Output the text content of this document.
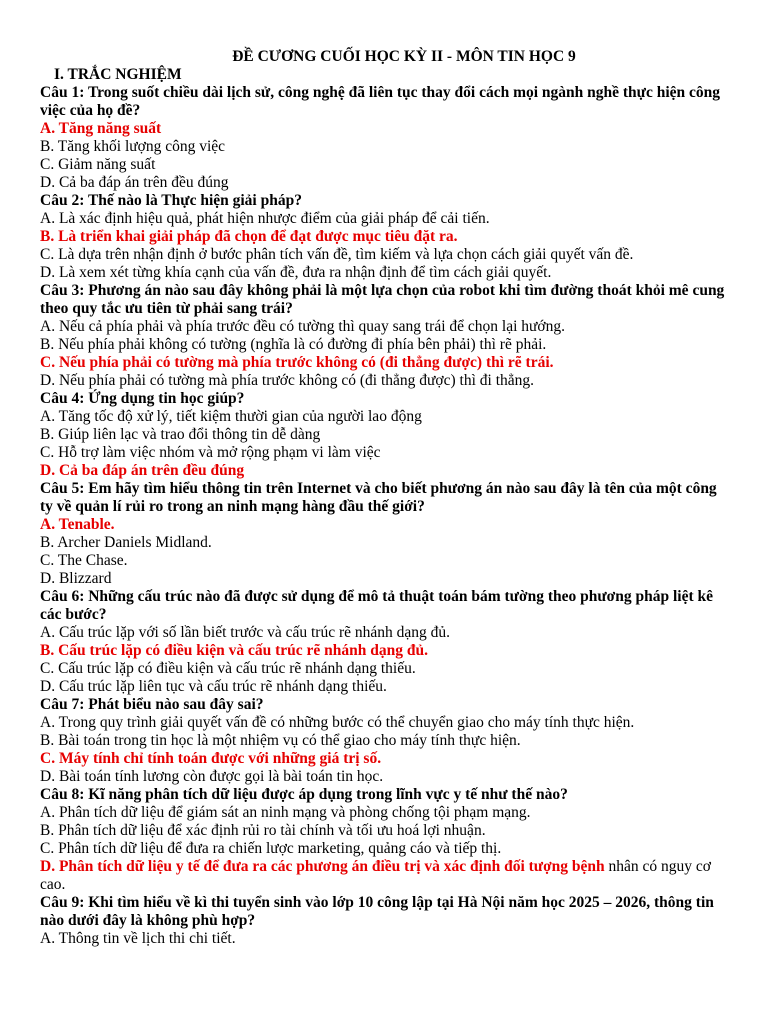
ĐỀ CƯƠNG CUỐI HỌC KỲ II - MÔN TIN HỌC 9
I. TRẮC NGHIỆM
Câu 1: Trong suốt chiều dài lịch sử, công nghệ đã liên tục thay đổi cách mọi ngành nghề thực hiện công việc của họ đề?
A. Tăng năng suất
B. Tăng khối lượng công việc
C. Giảm năng suất
D. Cả ba đáp án trên đều đúng
Câu 2: Thế nào là Thực hiện giải pháp?
A. Là xác định hiệu quả, phát hiện nhược điểm của giải pháp để cải tiến.
B. Là triển khai giải pháp đã chọn để đạt được mục tiêu đặt ra.
C. Là dựa trên nhận định ở bước phân tích vấn đề, tìm kiếm và lựa chọn cách giải quyết vấn đề.
D. Là xem xét từng khía cạnh của vấn đề, đưa ra nhận định để tìm cách giải quyết.
Câu 3: Phương án nào sau đây không phải là một lựa chọn của robot khi tìm đường thoát khỏi mê cung theo quy tắc ưu tiên từ phải sang trái?
A. Nếu cả phía phải và phía trước đều có tường thì quay sang trái để chọn lại hướng.
B. Nếu phía phải không có tường (nghĩa là có đường đi phía bên phải) thì rẽ phải.
C. Nếu phía phải có tường mà phía trước không có (đi thẳng được) thì rẽ trái.
D. Nếu phía phải có tường mà phía trước không có (đi thẳng được) thì đi thẳng.
Câu 4: Ứng dụng tin học giúp?
A. Tăng tốc độ xử lý, tiết kiệm thười gian của người lao động
B. Giúp liên lạc và trao đổi thông tin dễ dàng
C. Hỗ trợ làm việc nhóm và mở rộng phạm vi làm việc
D. Cả ba đáp án trên đều đúng
Câu 5: Em hãy tìm hiểu thông tin trên Internet và cho biết phương án nào sau đây là tên của một công ty về quản lí rủi ro trong an ninh mạng hàng đầu thế giới?
A. Tenable.
B. Archer Daniels Midland.
C. The Chase.
D. Blizzard
Câu 6: Những cấu trúc nào đã được sử dụng để mô tả thuật toán bám tường theo phương pháp liệt kê các bước?
A. Cấu trúc lặp với số lần biết trước và cấu trúc rẽ nhánh dạng đủ.
B. Cấu trúc lặp có điều kiện và cấu trúc rẽ nhánh dạng đủ.
C. Cấu trúc lặp có điều kiện và cấu trúc rẽ nhánh dạng thiếu.
D. Cấu trúc lặp liên tục và cấu trúc rẽ nhánh dạng thiếu.
Câu 7: Phát biểu nào sau đây sai?
A. Trong quy trình giải quyết vấn đề có những bước có thể chuyển giao cho máy tính thực hiện.
B. Bài toán trong tin học là một nhiệm vụ có thể giao cho máy tính thực hiện.
C. Máy tính chỉ tính toán được với những giá trị số.
D. Bài toán tính lương còn được gọi là bài toán tin học.
Câu 8: Kĩ năng phân tích dữ liệu được áp dụng trong lĩnh vực y tế như thế nào?
A. Phân tích dữ liệu để giám sát an ninh mạng và phòng chống tội phạm mạng.
B. Phân tích dữ liệu để xác định rủi ro tài chính và tối ưu hoá lợi nhuận.
C. Phân tích dữ liệu để đưa ra chiến lược marketing, quảng cáo và tiếp thị.
D. Phân tích dữ liệu y tế để đưa ra các phương án điều trị và xác định đối tượng bệnh nhân có nguy cơ cao.
Câu 9: Khi tìm hiểu về kì thi tuyển sinh vào lớp 10 công lập tại Hà Nội năm học 2025 – 2026, thông tin nào dưới đây là không phù hợp?
A. Thông tin về lịch thi chi tiết.
